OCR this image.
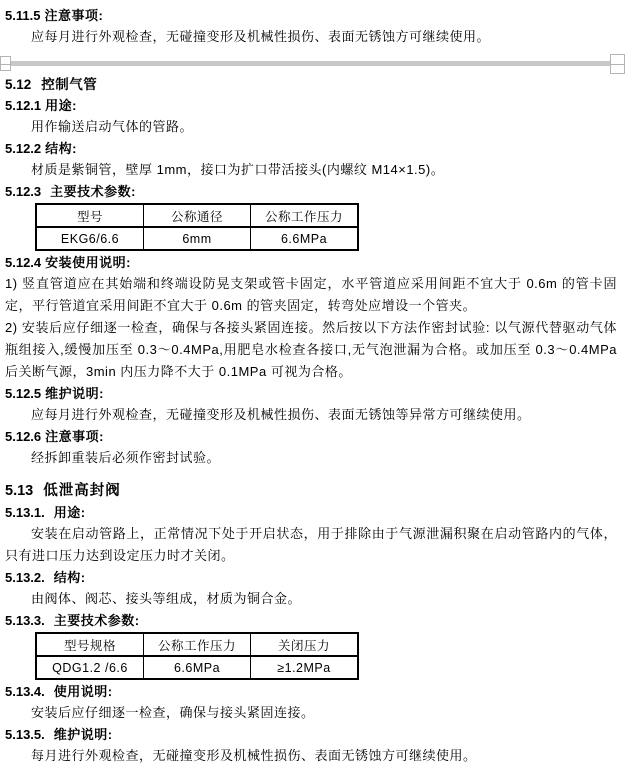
5.11.5 注意事项:

应每月进行外观检查，无碰撞变形及机械性损伤、表面无锈蚀方可继续使用。

5.12 控制气管
5.12.1 用途:

用作输送启动气体的管路。

5.12.2 结构:

材质是紫铜管，壁厚 1mm，接口为扩口带活接头(内螺纹 M14×1.5)。

5.12.3 主要技术参数:
型号	公称通径	公称工作压力
EKG6/6.6	6mm	6.6MPa
5.12.4 安装使用说明:

1) 竖直管道应在其始端和终端设防晃支架或管卡固定，水平管道应采用间距不宜大于 0.6m 的管卡固定，平行管道宜采用间距不宜大于 0.6m 的管夹固定，转弯处应增设一个管夹。

2) 安装后应仔细逐一检查，确保与各接头紧固连接。然后按以下方法作密封试验: 以气源代替驱动气体瓶组接入,缓慢加压至 0.3～0.4MPa,用肥皂水检查各接口,无气泡泄漏为合格。或加压至 0.3～0.4MPa 后关断气源，3min 内压力降不大于 0.1MPa 可视为合格。

5.12.5 维护说明:

应每月进行外观检查，无碰撞变形及机械性损伤、表面无锈蚀等异常方可继续使用。

5.12.6 注意事项:

经拆卸重装后必须作密封试验。

5.13 低泄高封阀
5.13.1. 用途:

安装在启动管路上，正常情况下处于开启状态，用于排除由于气源泄漏积聚在启动管路内的气体，只有进口压力达到设定压力时才关闭。

5.13.2. 结构:

由阀体、阀芯、接头等组成，材质为铜合金。

5.13.3. 主要技术参数:
型号规格	公称工作压力	关闭压力
QDG1.2 /6.6	6.6MPa	≥1.2MPa
5.13.4. 使用说明:

安装后应仔细逐一检查，确保与接头紧固连接。

5.13.5. 维护说明:

每月进行外观检查，无碰撞变形及机械性损伤、表面无锈蚀方可继续使用。
